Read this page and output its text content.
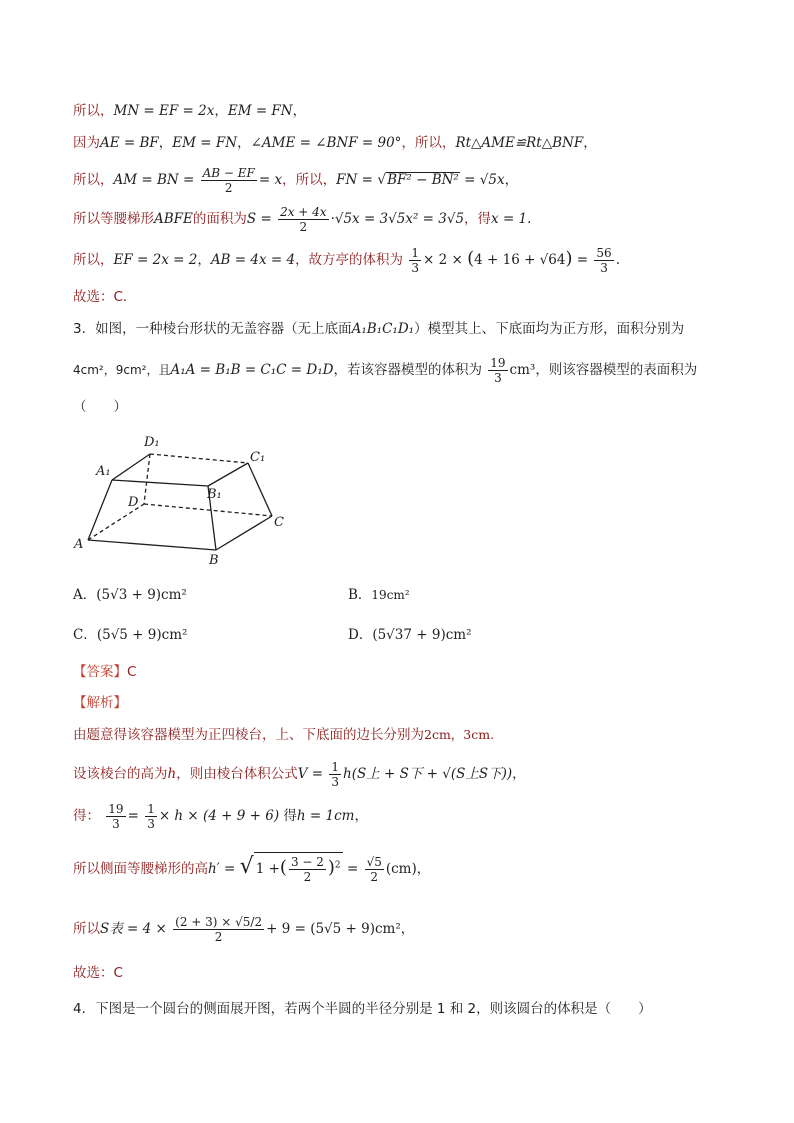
所以，MN = EF = 2x，EM = FN，
因为AE = BF，EM = FN，∠AME = ∠BNF = 90°，所以，Rt△AME≌Rt△BNF，
所以，AM = BN = $\frac{AB - EF}{2} = x$，所以，FN = √BF² − BN² = √5x，
所以等腰梯形ABFE的面积为$S = \frac{2x + 4x}{2} \cdot√5x = 3√5x^2 = 3√5$，得x = 1.
所以，EF = 2x = 2，AB = 4x = 4，故方亭的体积为 $\frac{1}{3} \times 2 \times (4 + 16 + √64) = \frac{56}{3}$ .
故选：C.
3．如图，一种棱台形状的无盖容器（无上底面A₁B₁C₁D₁）模型其上、下底面均为正方形，面积分别为
4cm²，9cm²，且A₁A = B₁B = C₁C = D₁D，若该容器模型的体积为 $\frac{19}{3} cm^3$，则该容器模型的表面积为
（　　）
D₁
C₁
A₁
B₁
D
C
A
B
A．(5√3 + 9)cm²	B．19cm²
C．(5√5 + 9)cm²	D．(5√37 + 9)cm²
【答案】C
【解析】
由题意得该容器模型为正四棱台，上、下底面的边长分别为2cm，3cm.
设该棱台的高为h，则由棱台体积公式$V = \frac{1}{3} h(S$上 + S下 + √(S上S下))，
得： $\frac{19}{3} = \frac{1}{3} \times h \times (4 + 9 + 6)$ 得h = 1cm，
所以侧面等腰梯形的高h′ = √ 1 +( $\frac{3 - 2}{2} )^2 = \frac{√5}{2} (cm)$，
所以S表 = $4 \times \frac{(2 + 3) \times √5/2}{2} + 9 = (5√5 + 9)cm^2$，
故选：C
4．下图是一个圆台的侧面展开图，若两个半圆的半径分别是 1 和 2，则该圆台的体积是（　　）
